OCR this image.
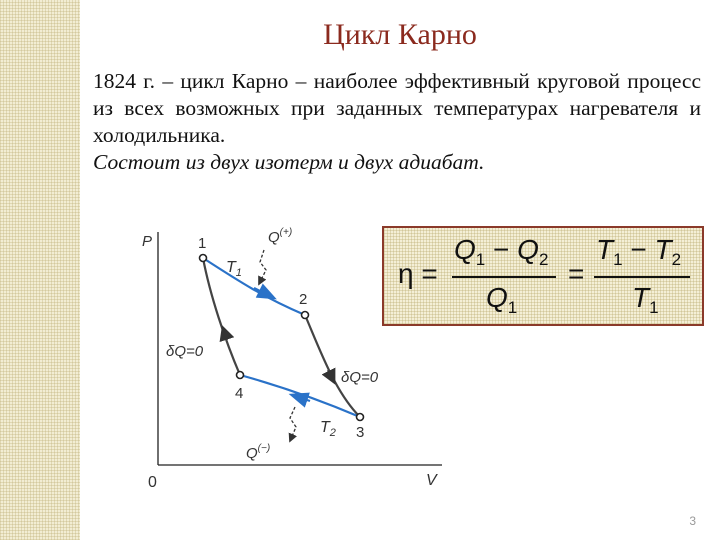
Цикл Карно

1824 г. – цикл Карно – наиболее эффективный круговой процесс из всех возможных при заданных температурах нагревателя и холодильника.

Состоит из двух изотерм и двух адиабат.

P
V
0
1
2
3
4
$T_1$
$T_2$
Q(+)
Q(−)
δQ=0
δQ=0
η =
$Q_1 - Q_2$
$Q_1$
=
$T_1 - T_2$
$T_1$
3
